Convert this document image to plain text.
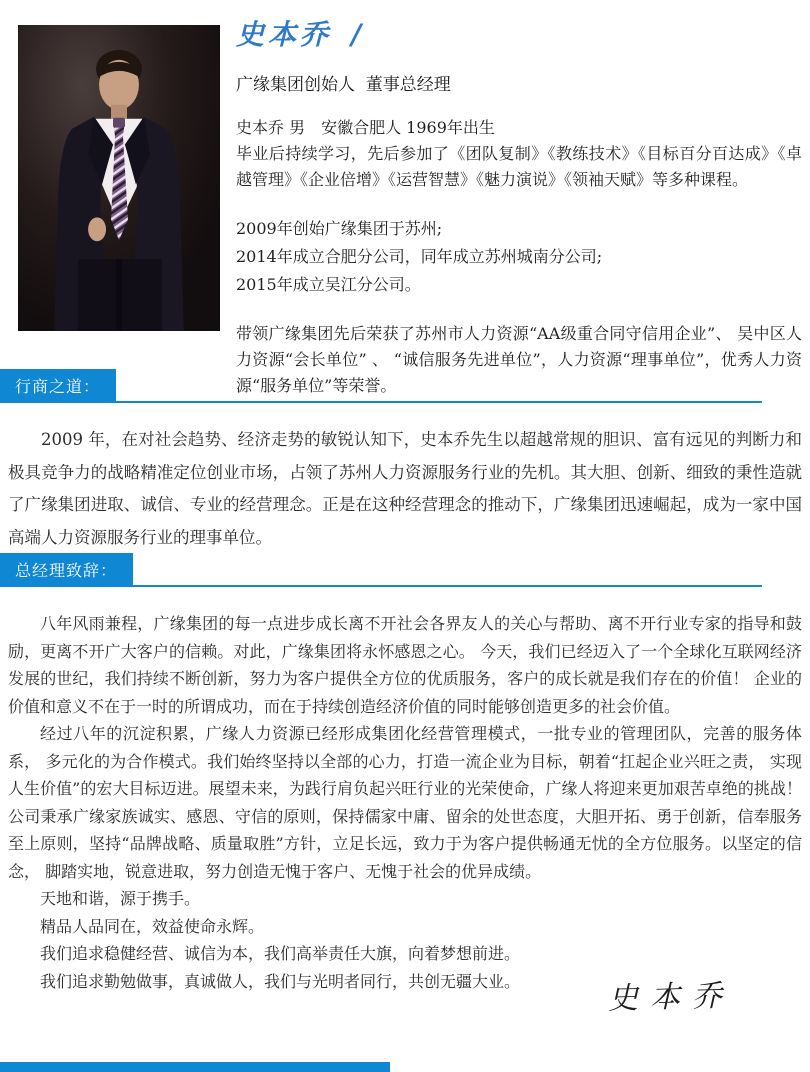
史本乔 /
广缘集团创始人  董事总经理

史本乔 男　安徽合肥人 1969年出生

毕业后持续学习，先后参加了《团队复制》《教练技术》《目标百分百达成》《卓越管理》《企业倍增》《运营智慧》《魅力演说》《领袖天赋》等多种课程。

2009年创始广缘集团于苏州;

2014年成立合肥分公司，同年成立苏州城南分公司;

2015年成立吴江分公司。

带领广缘集团先后荣获了苏州市人力资源“AA级重合同守信用企业”、 吴中区人力资源“会长单位” 、 “诚信服务先进单位”，人力资源“理事单位”，优秀人力资源“服务单位”等荣誉。

行商之道：

2009 年，在对社会趋势、经济走势的敏锐认知下，史本乔先生以超越常规的胆识、富有远见的判断力和极具竞争力的战略精准定位创业市场，占领了苏州人力资源服务行业的先机。其大胆、创新、细致的秉性造就了广缘集团进取、诚信、专业的经营理念。正是在这种经营理念的推动下，广缘集团迅速崛起，成为一家中国高端人力资源服务行业的理事单位。

总经理致辞：

八年风雨兼程，广缘集团的每一点进步成长离不开社会各界友人的关心与帮助、离不开行业专家的指导和鼓励，更离不开广大客户的信赖。对此，广缘集团将永怀感恩之心。 今天，我们已经迈入了一个全球化互联网经济发展的世纪，我们持续不断创新，努力为客户提供全方位的优质服务，客户的成长就是我们存在的价值！ 企业的价值和意义不在于一时的所谓成功，而在于持续创造经济价值的同时能够创造更多的社会价值。

经过八年的沉淀积累，广缘人力资源已经形成集团化经营管理模式，一批专业的管理团队，完善的服务体系， 多元化的为合作模式。我们始终坚持以全部的心力，打造一流企业为目标，朝着“扛起企业兴旺之责， 实现人生价值”的宏大目标迈进。展望未来，为践行肩负起兴旺行业的光荣使命，广缘人将迎来更加艰苦卓绝的挑战！ 公司秉承广缘家族诚实、感恩、守信的原则，保持儒家中庸、留余的处世态度，大胆开拓、勇于创新，信奉服务至上原则，坚持“品牌战略、质量取胜”方针，立足长远，致力于为客户提供畅通无忧的全方位服务。以坚定的信念， 脚踏实地，锐意进取，努力创造无愧于客户、无愧于社会的优异成绩。

天地和谐，源于携手。

精品人品同在，效益使命永辉。

我们追求稳健经营、诚信为本，我们高举责任大旗，向着梦想前进。

我们追求勤勉做事，真诚做人，我们与光明者同行，共创无疆大业。	史本乔
